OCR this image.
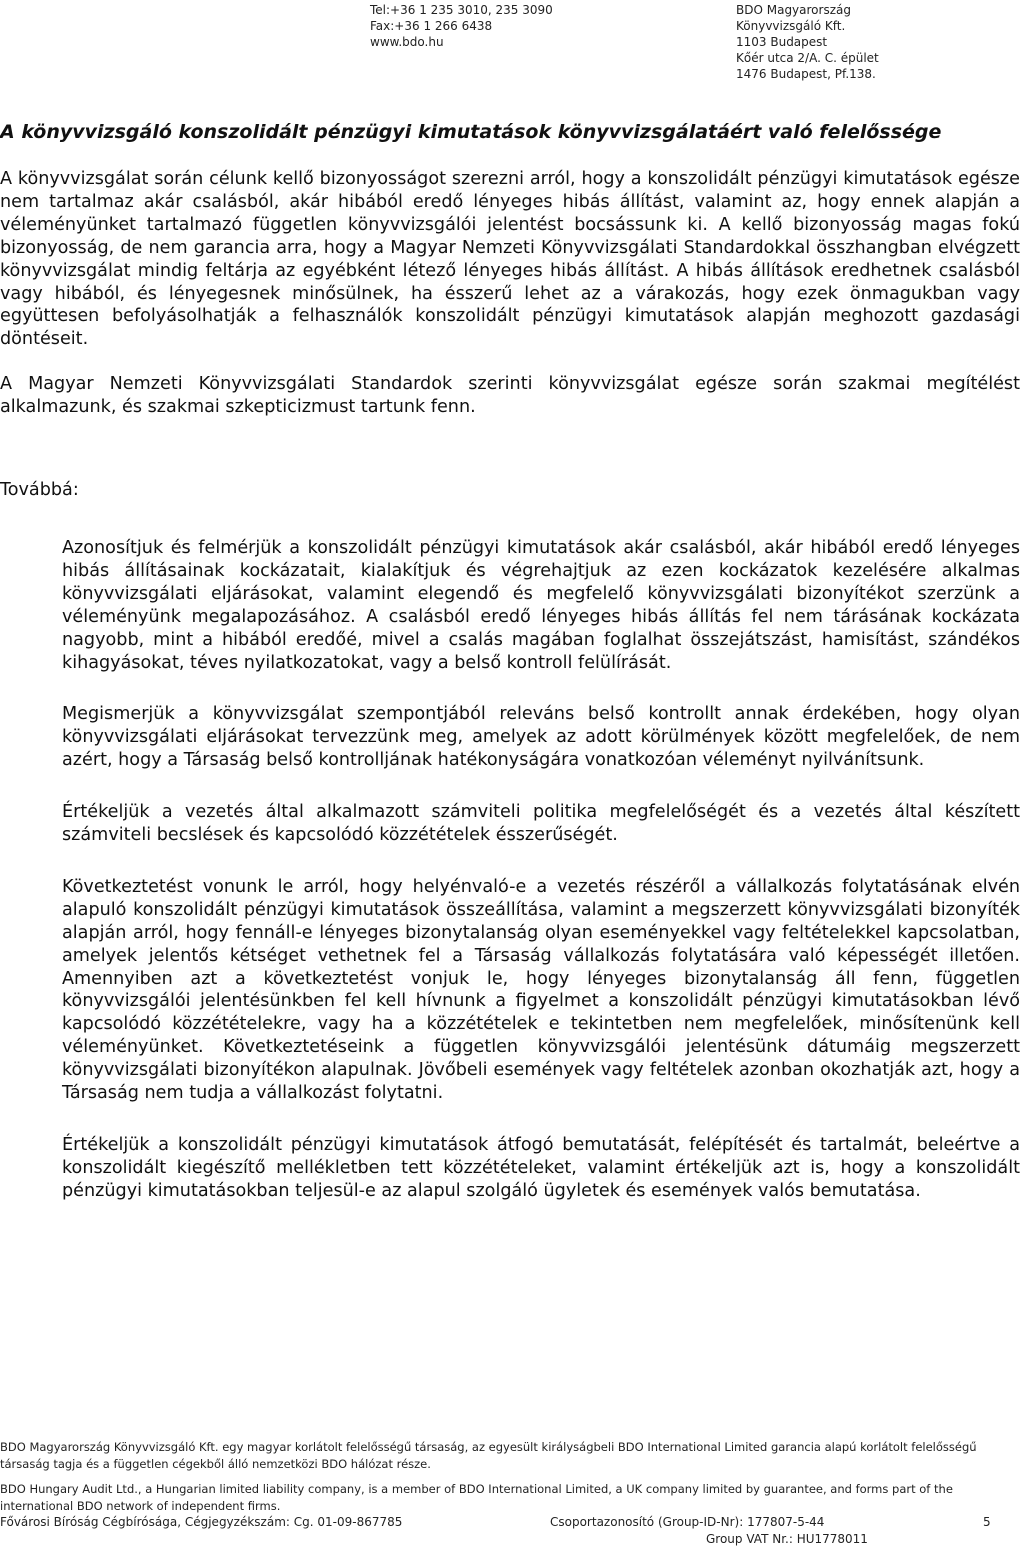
Tel:+36 1 235 3010, 235 3090
Fax:+36 1 266 6438
www.bdo.hu
BDO Magyarország
Könyvvizsgáló Kft.
1103 Budapest
Kőér utca 2/A. C. épület
1476 Budapest, Pf.138.
A könyvvizsgáló konszolidált pénzügyi kimutatások könyvvizsgálatáért való felelőssége

A könyvvizsgálat során célunk kellő bizonyosságot szerezni arról, hogy a konszolidált pénzügyi kimutatások egésze nem tartalmaz akár csalásból, akár hibából eredő lényeges hibás állítást, valamint az, hogy ennek alapján a véleményünket tartalmazó független könyvvizsgálói jelentést bocsássunk ki. A kellő bizonyosság magas fokú bizonyosság, de nem garancia arra, hogy a Magyar Nemzeti Könyvvizsgálati Standardokkal összhangban elvégzett könyvvizsgálat mindig feltárja az egyébként létező lényeges hibás állítást. A hibás állítások eredhetnek csalásból vagy hibából, és lényegesnek minősülnek, ha ésszerű lehet az a várakozás, hogy ezek önmagukban vagy együttesen befolyásolhatják a felhasználók konszolidált pénzügyi kimutatások alapján meghozott gazdasági döntéseit.

A Magyar Nemzeti Könyvvizsgálati Standardok szerinti könyvvizsgálat egésze során szakmai megítélést alkalmazunk, és szakmai szkepticizmust tartunk fenn.

Továbbá:

Azonosítjuk és felmérjük a konszolidált pénzügyi kimutatások akár csalásból, akár hibából eredő lényeges hibás állításainak kockázatait, kialakítjuk és végrehajtjuk az ezen kockázatok kezelésére alkalmas könyvvizsgálati eljárásokat, valamint elegendő és megfelelő könyvvizsgálati bizonyítékot szerzünk a véleményünk megalapozásához. A csalásból eredő lényeges hibás állítás fel nem tárásának kockázata nagyobb, mint a hibából eredőé, mivel a csalás magában foglalhat összejátszást, hamisítást, szándékos kihagyásokat, téves nyilatkozatokat, vagy a belső kontroll felülírását.

Megismerjük a könyvvizsgálat szempontjából releváns belső kontrollt annak érdekében, hogy olyan könyvvizsgálati eljárásokat tervezzünk meg, amelyek az adott körülmények között megfelelőek, de nem azért, hogy a Társaság belső kontrolljának hatékonyságára vonatkozóan véleményt nyilvánítsunk.

Értékeljük a vezetés által alkalmazott számviteli politika megfelelőségét és a vezetés által készített számviteli becslések és kapcsolódó közzétételek ésszerűségét.

Következtetést vonunk le arról, hogy helyénvaló-e a vezetés részéről a vállalkozás folytatásának elvén alapuló konszolidált pénzügyi kimutatások összeállítása, valamint a megszerzett könyvvizsgálati bizonyíték alapján arról, hogy fennáll-e lényeges bizonytalanság olyan eseményekkel vagy feltételekkel kapcsolatban, amelyek jelentős kétséget vethetnek fel a Társaság vállalkozás folytatására való képességét illetően. Amennyiben azt a következtetést vonjuk le, hogy lényeges bizonytalanság áll fenn, független könyvvizsgálói jelentésünkben fel kell hívnunk a figyelmet a konszolidált pénzügyi kimutatásokban lévő kapcsolódó közzétételekre, vagy ha a közzétételek e tekintetben nem megfelelőek, minősítenünk kell véleményünket. Következtetéseink a független könyvvizsgálói jelentésünk dátumáig megszerzett könyvvizsgálati bizonyítékon alapulnak. Jövőbeli események vagy feltételek azonban okozhatják azt, hogy a Társaság nem tudja a vállalkozást folytatni.

Értékeljük a konszolidált pénzügyi kimutatások átfogó bemutatását, felépítését és tartalmát, beleértve a konszolidált kiegészítő mellékletben tett közzétételeket, valamint értékeljük azt is, hogy a konszolidált pénzügyi kimutatásokban teljesül-e az alapul szolgáló ügyletek és események valós bemutatása.

BDO Magyarország Könyvvizsgáló Kft. egy magyar korlátolt felelősségű társaság, az egyesült királyságbeli BDO International Limited garancia alapú korlátolt felelősségű társaság tagja és a független cégekből álló nemzetközi BDO hálózat része.

BDO Hungary Audit Ltd., a Hungarian limited liability company, is a member of BDO International Limited, a UK company limited by guarantee, and forms part of the international BDO network of independent firms.

Fővárosi Bíróság Cégbírósága, Cégjegyzékszám: Cg. 01-09-867785	Csoportazonosító (Group-ID-Nr): 177807-5-44
Group VAT Nr.: HU1778011
5
